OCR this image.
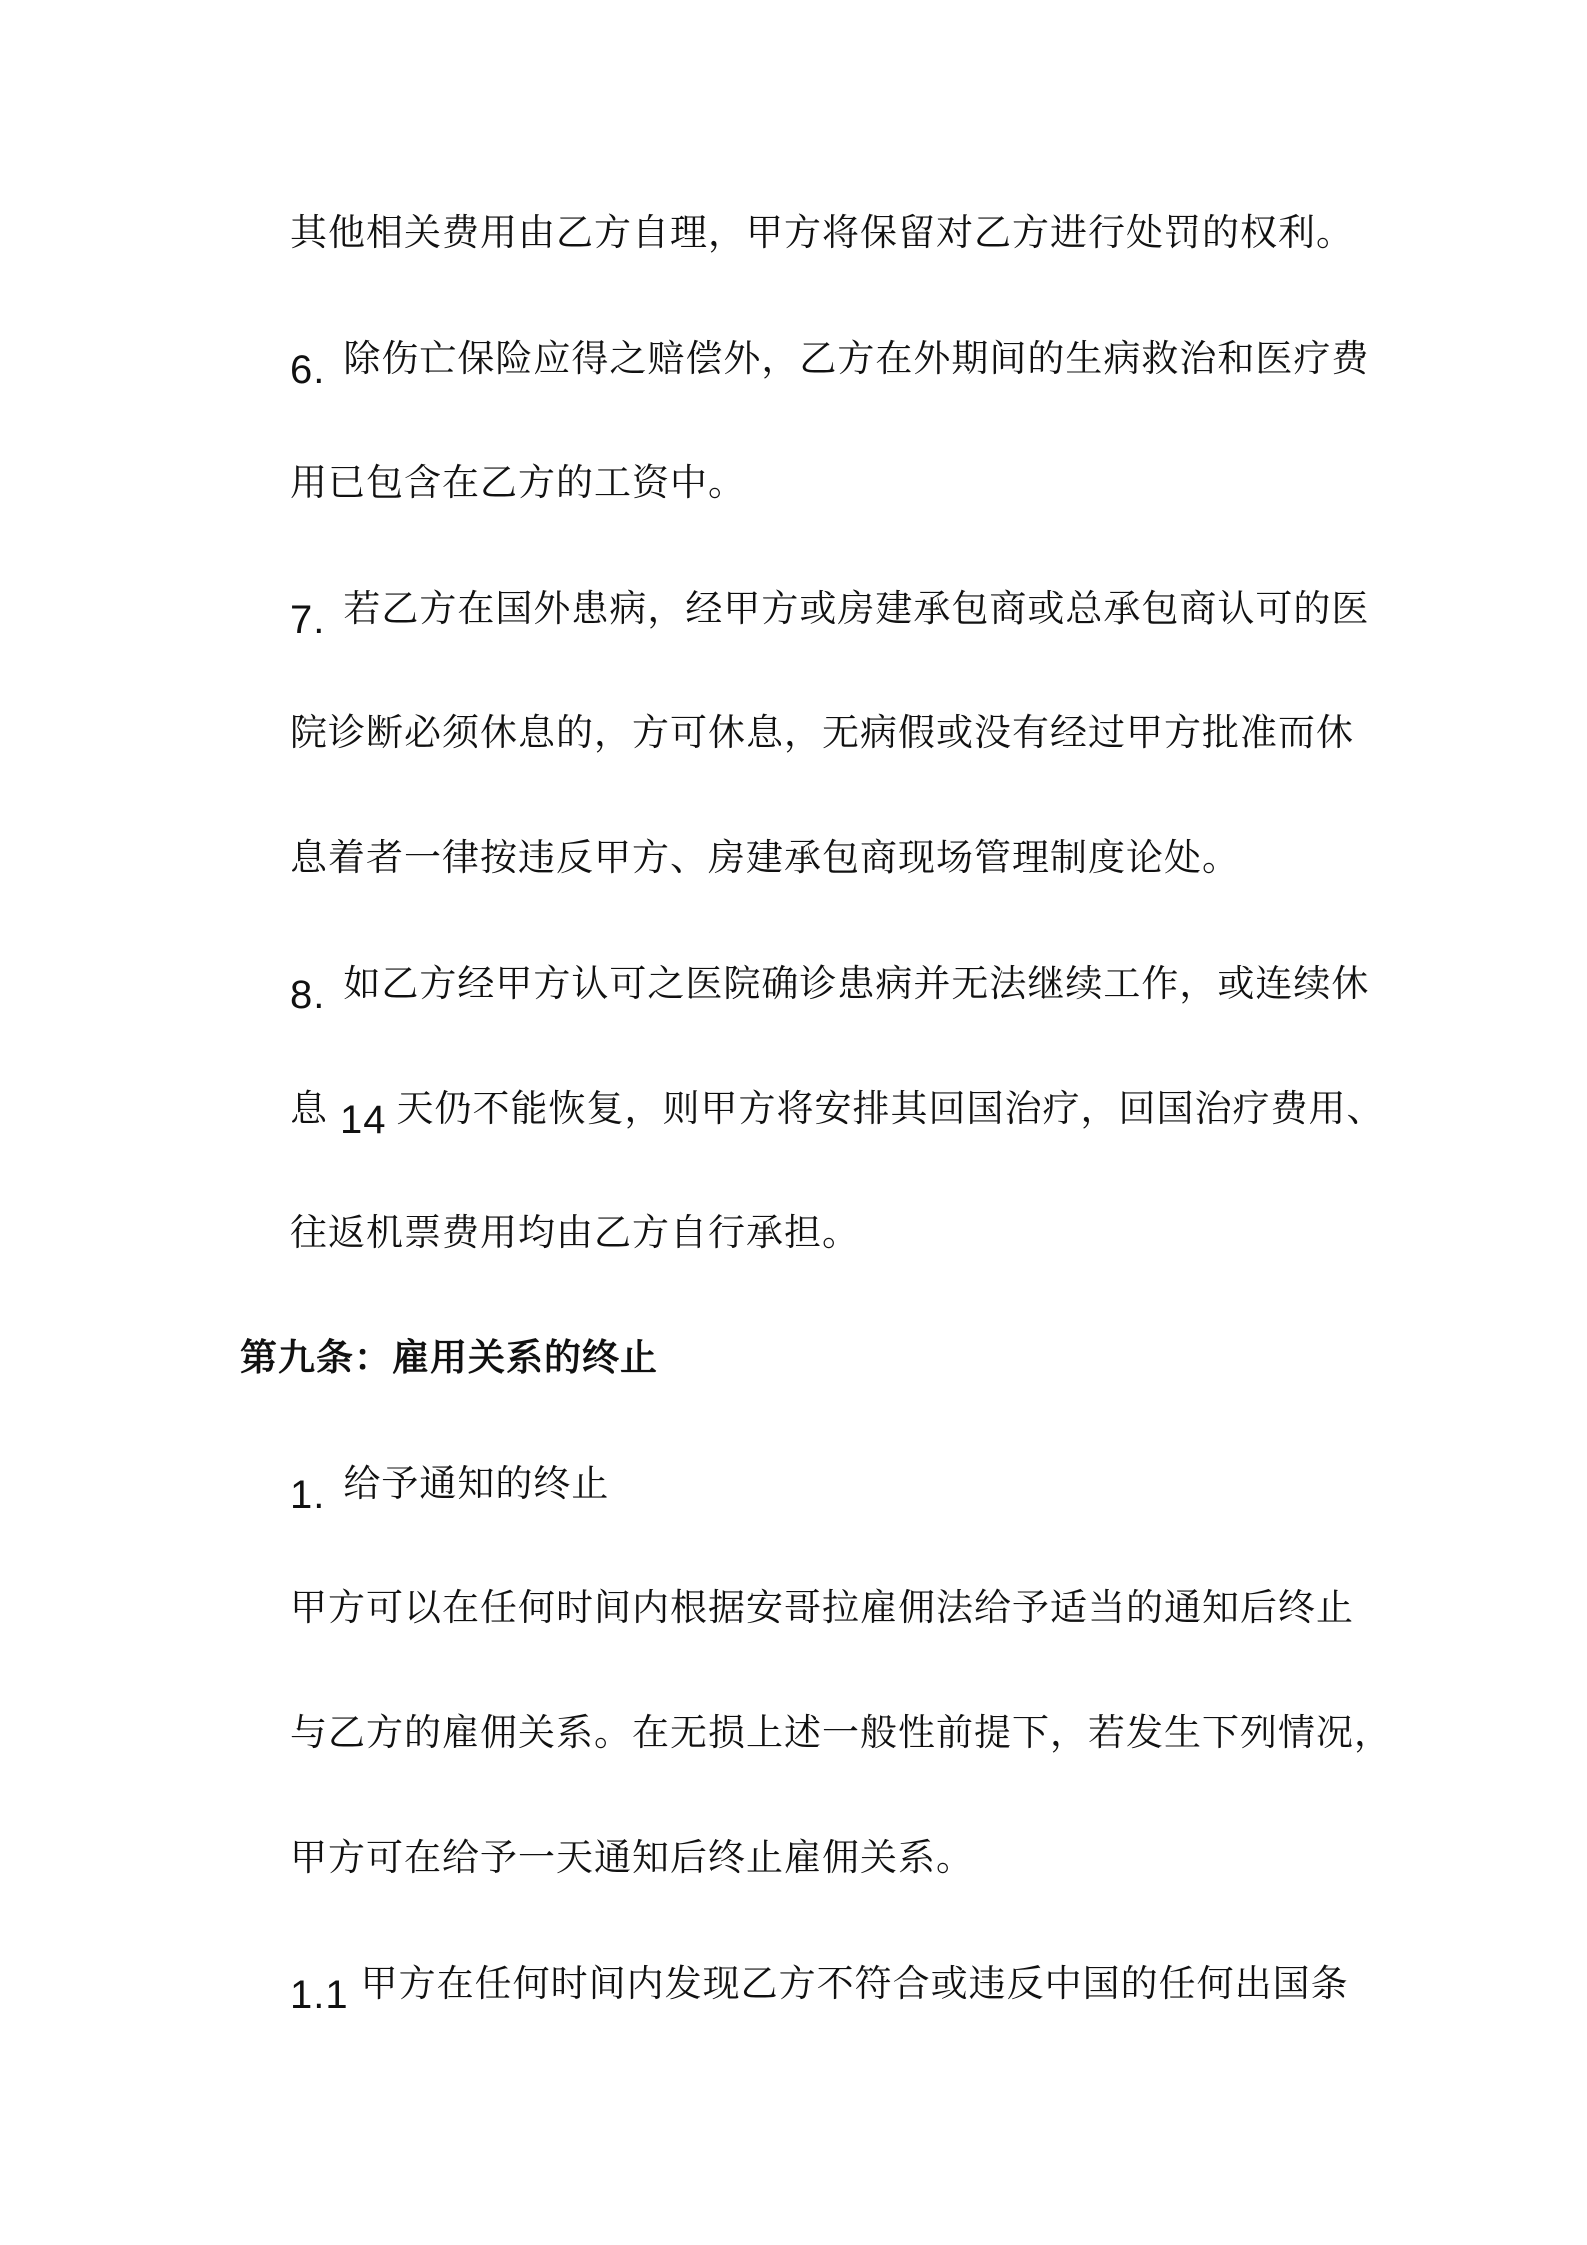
其他相关费用由乙方自理，甲方将保留对乙方进行处罚的权利。
6. 除伤亡保险应得之赔偿外，乙方在外期间的生病救治和医疗费
用已包含在乙方的工资中。
7. 若乙方在国外患病，经甲方或房建承包商或总承包商认可的医
院诊断必须休息的，方可休息，无病假或没有经过甲方批准而休
息着者一律按违反甲方、房建承包商现场管理制度论处。
8. 如乙方经甲方认可之医院确诊患病并无法继续工作，或连续休
息 14 天仍不能恢复，则甲方将安排其回国治疗，回国治疗费用、
往返机票费用均由乙方自行承担。
第九条：雇用关系的终止
1. 给予通知的终止
甲方可以在任何时间内根据安哥拉雇佣法给予适当的通知后终止
与乙方的雇佣关系。在无损上述一般性前提下，若发生下列情况，
甲方可在给予一天通知后终止雇佣关系。
1.1 甲方在任何时间内发现乙方不符合或违反中国的任何出国条
